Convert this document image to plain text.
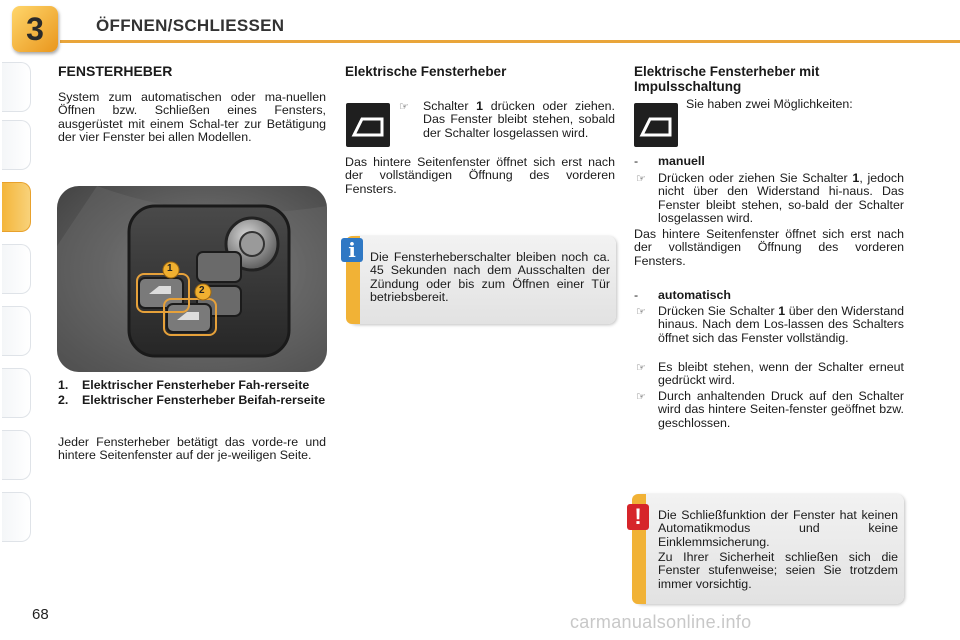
3	ÖFFNEN/SCHLIESSEN
FENSTERHEBER
System zum automatischen oder ma-nuellen Öffnen bzw. Schließen eines Fensters, ausgerüstet mit einem Schal-ter zur Betätigung der vier Fenster bei allen Modellen.
1
2
1.	Elektrischer Fensterheber Fah-rerseite
2.	Elektrischer Fensterheber Beifah-rerseite
Jeder Fensterheber betätigt das vorde-re und hintere Seitenfenster auf der je-weiligen Seite.
Elektrische Fensterheber
☞ Schalter 1 drücken oder ziehen. Das Fenster bleibt stehen, sobald der Schalter losgelassen wird.
Das hintere Seitenfenster öffnet sich erst nach der vollständigen Öffnung des vorderen Fensters.
i	Die Fensterheberschalter bleiben noch ca. 45 Sekunden nach dem Ausschalten der Zündung oder bis zum Öffnen einer Tür betriebsbereit.
Elektrische Fensterheber mit
Impulsschaltung
Sie haben zwei Möglichkeiten:
- manuell
☞ Drücken oder ziehen Sie Schalter 1, jedoch nicht über den Widerstand hi-naus. Das Fenster bleibt stehen, so-bald der Schalter losgelassen wird.
Das hintere Seitenfenster öffnet sich erst nach der vollständigen Öffnung des vorderen Fensters.
- automatisch
☞ Drücken Sie Schalter 1 über den Widerstand hinaus. Nach dem Los-lassen des Schalters öffnet sich das Fenster vollständig.
☞ Es bleibt stehen, wenn der Schalter erneut gedrückt wird.
☞ Durch anhaltenden Druck auf den Schalter wird das hintere Seiten-fenster geöffnet bzw. geschlossen.
!	Die Schließfunktion der Fenster hat keinen Automatikmodus und keine Einklemmsicherung.
Zu Ihrer Sicherheit schließen sich die Fenster stufenweise; seien Sie trotzdem immer vorsichtig.
68	carmanualsonline.info
